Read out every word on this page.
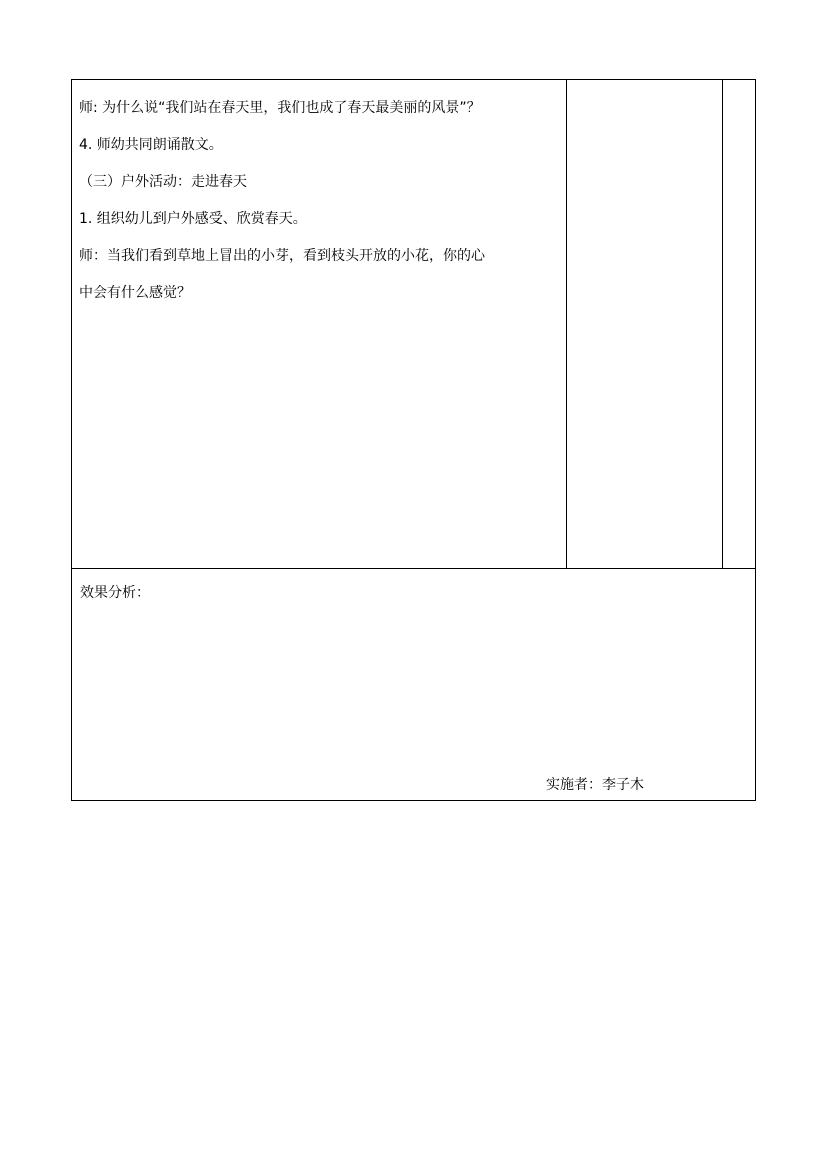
师: 为什么说“我们站在春天里，我们也成了春天最美丽的风景”？
4. 师幼共同朗诵散文。
（三）户外活动：走进春天
1. 组织幼儿到户外感受、欣赏春天。
师：当我们看到草地上冒出的小芽，看到枝头开放的小花，你的心
中会有什么感觉？
效果分析：
实施者：李子木
